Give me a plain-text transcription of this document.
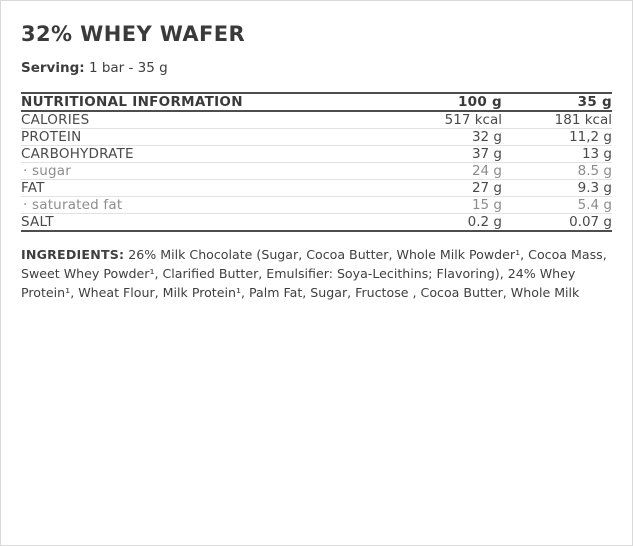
32% WHEY WAFER
Serving: 1 bar - 35 g
NUTRITIONAL INFORMATION	100 g	35 g
CALORIES	517 kcal	181 kcal
PROTEIN	32 g	11,2 g
CARBOHYDRATE	37 g	13 g
· sugar	24 g	8.5 g
FAT	27 g	9.3 g
· saturated fat	15 g	5.4 g
SALT	0.2 g	0.07 g

INGREDIENTS: 26% Milk Chocolate (Sugar, Cocoa Butter, Whole Milk Powder¹, Cocoa Mass, Sweet Whey Powder¹, Clarified Butter, Emulsifier: Soya-Lecithins; Flavoring), 24% Whey Protein¹, Wheat Flour, Milk Protein¹, Palm Fat, Sugar, Fructose , Cocoa Butter, Whole Milk
